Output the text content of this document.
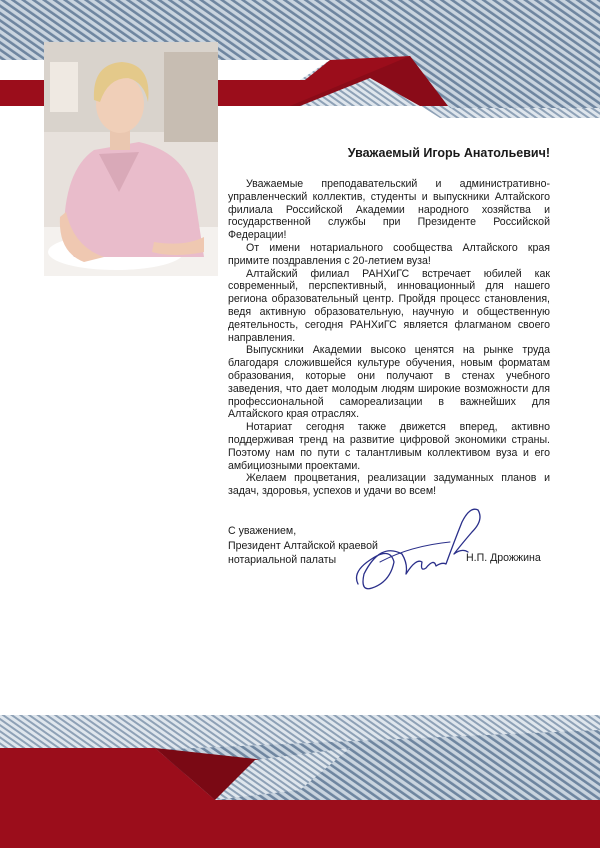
Уважаемый Игорь Анатольевич!

Уважаемые преподавательский и административно-управленческий коллектив, студенты и выпускники Алтайского филиала Российской Академии народного хозяйства и государственной службы при Президенте Российской Федерации!

От имени нотариального сообщества Алтайского края примите поздравления с 20-летием вуза!

Алтайский филиал РАНХиГС встречает юбилей как современный, перспективный, инновационный для нашего региона образовательный центр. Пройдя процесс становления, ведя активную образовательную, научную и общественную деятельность, сегодня РАНХиГС является флагманом своего направления.

Выпускники Академии высоко ценятся на рынке труда благодаря сложившейся культуре обучения, новым форматам образования, которые они получают в стенах учебного заведения, что дает молодым людям широкие возможности для профессиональной самореализации в важнейших для Алтайского края отраслях.

Нотариат сегодня также движется вперед, активно поддерживая тренд на развитие цифровой экономики страны. Поэтому нам по пути с талантливым коллективом вуза и его амбициозными проектами.

Желаем процветания, реализации задуманных планов и задач, здоровья, успехов и удачи во всем!

С уважением,
Президент Алтайской краевой
нотариальной палаты	Н.П. Дрожжина
